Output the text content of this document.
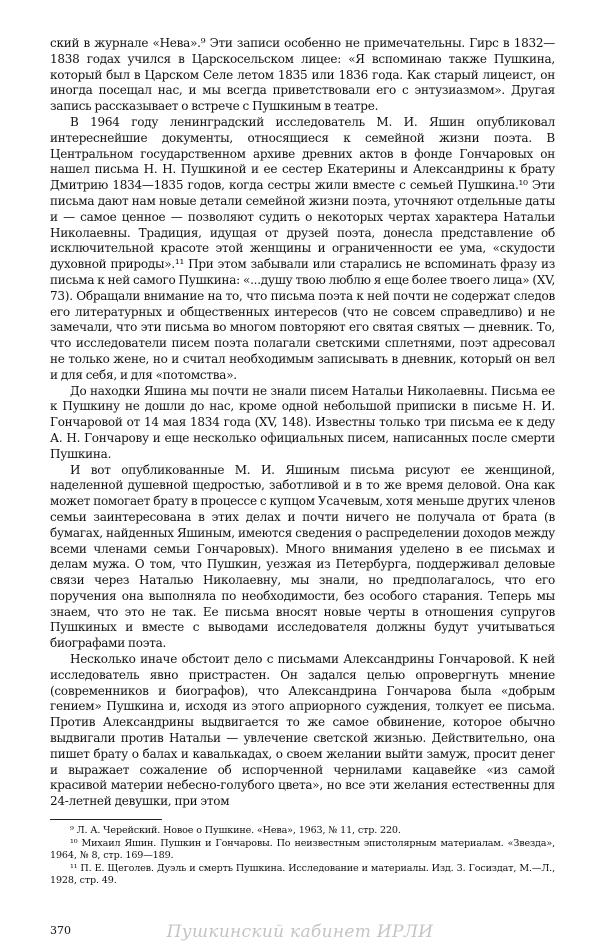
ский в журнале «Нева».⁹ Эти записи особенно не примечательны. Гирс в 1832—1838 годах учился в Царскосельском лицее: «Я вспоминаю также Пушкина, который был в Царском Селе летом 1835 или 1836 года. Как старый лицеист, он иногда посещал нас, и мы всегда приветствовали его с энтузиазмом». Другая запись рассказывает о встрече с Пушкиным в театре.

В 1964 году ленинградский исследователь М. И. Яшин опубликовал интереснейшие документы, относящиеся к семейной жизни поэта. В Центральном государственном архиве древних актов в фонде Гончаровых он нашел письма Н. Н. Пушкиной и ее сестер Екатерины и Александрины к брату Дмитрию 1834—1835 годов, когда сестры жили вместе с семьей Пушкина.¹⁰ Эти письма дают нам новые детали семейной жизни поэта, уточняют отдельные даты и — самое ценное — позволяют судить о некоторых чертах характера Натальи Николаевны. Традиция, идущая от друзей поэта, донесла представление об исключительной красоте этой женщины и ограниченности ее ума, «скудости духовной природы».¹¹ При этом забывали или старались не вспоминать фразу из письма к ней самого Пушкина: «...душу твою люблю я еще более твоего лица» (XV, 73). Обращали внимание на то, что письма поэта к ней почти не содержат следов его литературных и общественных интересов (что не совсем справедливо) и не замечали, что эти письма во многом повторяют его святая святых — дневник. То, что исследователи писем поэта полагали светскими сплетнями, поэт адресовал не только жене, но и считал необходимым записывать в дневник, который он вел и для себя, и для «потомства».

До находки Яшина мы почти не знали писем Натальи Николаевны. Письма ее к Пушкину не дошли до нас, кроме одной небольшой приписки в письме Н. И. Гончаровой от 14 мая 1834 года (XV, 148). Известны только три письма ее к деду А. Н. Гончарову и еще несколько официальных писем, написанных после смерти Пушкина.

И вот опубликованные М. И. Яшиным письма рисуют ее женщиной, наделенной душевной щедростью, заботливой и в то же время деловой. Она как может помогает брату в процессе с купцом Усачевым, хотя меньше других членов семьи заинтересована в этих делах и почти ничего не получала от брата (в бумагах, найденных Яшиным, имеются сведения о распределении доходов между всеми членами семьи Гончаровых). Много внимания уделено в ее письмах и делам мужа. О том, что Пушкин, уезжая из Петербурга, поддерживал деловые связи через Наталью Николаевну, мы знали, но предполагалось, что его поручения она выполняла по необходимости, без особого старания. Теперь мы знаем, что это не так. Ее письма вносят новые черты в отношения супругов Пушкиных и вместе с выводами исследователя должны будут учитываться биографами поэта.

Несколько иначе обстоит дело с письмами Александрины Гончаровой. К ней исследователь явно пристрастен. Он задался целью опровергнуть мнение (современников и биографов), что Александрина Гончарова была «добрым гением» Пушкина и, исходя из этого априорного суждения, толкует ее письма. Против Александрины выдвигается то же самое обвинение, которое обычно выдвигали против Натальи — увлечение светской жизнью. Действительно, она пишет брату о балах и кавалькадах, о своем желании выйти замуж, просит денег и выражает сожаление об испорченной чернилами кацавейке «из самой красивой материи небесно-голубого цвета», но все эти желания естественны для 24-летней девушки, при этом

⁹ Л. А. Черейский. Новое о Пушкине. «Нева», 1963, № 11, стр. 220.

¹⁰ Михаил Яшин. Пушкин и Гончаровы. По неизвестным эпистолярным материалам. «Звезда», 1964, № 8, стр. 169—189.

¹¹ П. Е. Щеголев. Дуэль и смерть Пушкина. Исследование и материалы. Изд. 3. Госиздат, М.—Л., 1928, стр. 49.

370	Пушкинский кабинет ИРЛИ
